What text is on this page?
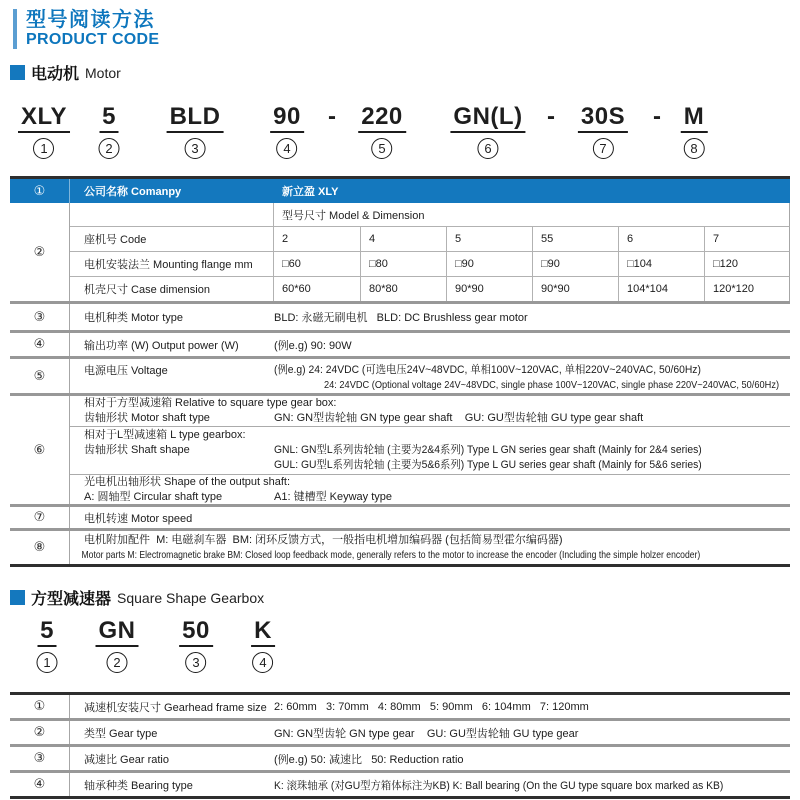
型号阅读方法
PRODUCT CODE
电动机 Motor
XLY
1
5
2
BLD
3
90
4
- 220
5
GN(L)
6
- 30S
7
- M
8
①	公司名称 Comanpy	新立盈 XLY
②
型号尺寸 Model & Dimension
座机号 Code	2	4	5	55	6	7
电机安装法兰 Mounting flange mm	□60	□80	□90	□90	□104	□120
机壳尺寸 Case dimension	60*60	80*80	90*90	90*90	104*104	120*120
③	电机种类 Motor type	BLD: 永磁无刷电机   BLD: DC Brushless gear motor
④	输出功率 (W) Output power (W)	(例e.g) 90: 90W
⑤	电源电压 Voltage	(例e.g) 24: 24VDC (可选电压24V~48VDC, 单相100V~120VAC, 单相220V~240VAC, 50/60Hz)
24: 24VDC (Optional voltage 24V~48VDC, single phase 100V~120VAC, single phase 220V~240VAC, 50/60Hz)
⑥
相对于方型减速箱 Relative to square type gear box:
齿轴形状 Motor shaft type	GN: GN型齿轮轴 GN type gear shaft    GU: GU型齿轮轴 GU type gear shaft
相对于L型减速箱 L type gearbox:
齿轴形状 Shaft shape	GNL: GN型L系列齿轮轴 (主要为2&4系列) Type L GN series gear shaft (Mainly for 2&4 series)
GUL: GU型L系列齿轮轴 (主要为5&6系列) Type L GU series gear shaft (Mainly for 5&6 series)
光电机出轴形状 Shape of the output shaft:
A: 圆轴型 Circular shaft type	A1: 键槽型 Keyway type
⑦	电机转速 Motor speed
⑧
电机附加配件  M: 电磁刹车器  BM: 闭环反馈方式，一般指电机增加编码器 (包括简易型霍尔编码器)
Motor parts M: Electromagnetic brake BM: Closed loop feedback mode, generally refers to the motor to increase the encoder (Including the simple holzer encoder)
方型减速器 Square Shape Gearbox
5
1
GN
2
50
3
K
4
①	减速机安装尺寸 Gearhead frame size 2: 60mm   3: 70mm   4: 80mm   5: 90mm   6: 104mm   7: 120mm
②	类型 Gear type	GN: GN型齿轮 GN type gear    GU: GU型齿轮轴 GU type gear
③	减速比 Gear ratio	(例e.g) 50: 减速比   50: Reduction ratio
④	轴承种类 Bearing type	K: 滚珠轴承 (对GU型方箱体标注为KB) K: Ball bearing (On the GU type square box marked as KB)
